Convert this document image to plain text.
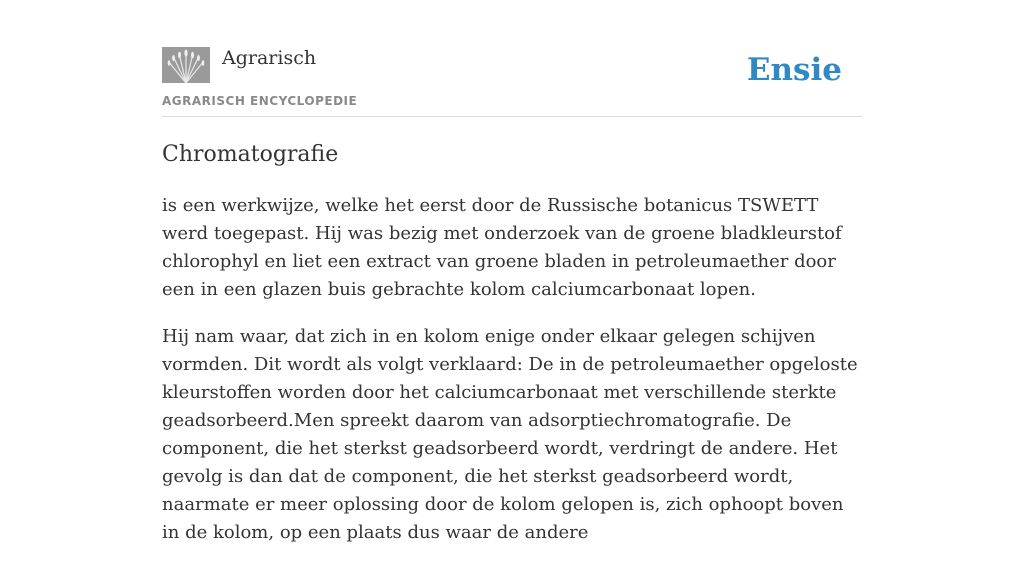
Agrarisch
AGRARISCH ENCYCLOPEDIE
Ensie
Chromatografie

is een werkwijze, welke het eerst door de Russische botanicus TSWETT werd toegepast. Hij was bezig met onderzoek van de groene bladkleurstof chlorophyl en liet een extract van groene bladen in petroleumaether door een in een glazen buis gebrachte kolom calciumcarbonaat lopen.

Hij nam waar, dat zich in en kolom enige onder elkaar gelegen schijven vormden. Dit wordt als volgt verklaard: De in de petroleumaether opgeloste kleurstoffen worden door het calciumcarbonaat met verschillende sterkte geadsorbeerd.Men spreekt daarom van adsorptiechromatografie. De component, die het sterkst geadsorbeerd wordt, verdringt de andere. Het gevolg is dan dat de component, die het sterkst geadsorbeerd wordt, naarmate er meer oplossing door de kolom gelopen is, zich ophoopt boven in de kolom, op een plaats dus waar de andere
